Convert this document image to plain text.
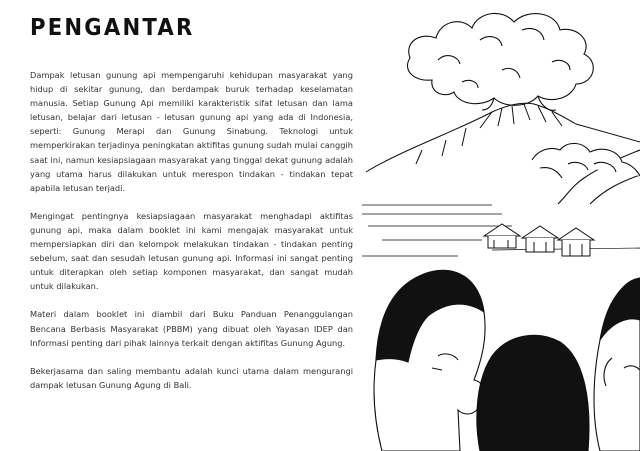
PENGANTAR

Dampak letusan gunung api mempengaruhi kehidupan masyarakat yang hidup di sekitar gunung, dan berdampak buruk terhadap keselamatan manusia. Setiap Gunung Api memiliki karakteristik sifat letusan dan lama letusan, belajar dari letusan - letusan gunung api yang ada di Indonesia, seperti: Gunung Merapi dan Gunung Sinabung. Teknologi untuk memperkirakan terjadinya peningkatan aktifitas gunung sudah mulai canggih saat ini, namun kesiapsiagaan masyarakat yang tinggal dekat gunung adalah yang utama harus dilakukan untuk merespon tindakan - tindakan tepat apabila letusan terjadi.

Mengingat pentingnya kesiapsiagaan masyarakat menghadapi aktifitas gunung api, maka dalam booklet ini kami mengajak masyarakat untuk mempersiapkan diri dan kelompok melakukan tindakan - tindakan penting sebelum, saat dan sesudah letusan gunung api. Informasi ini sangat penting untuk diterapkan oleh setiap komponen masyarakat, dan sangat mudah untuk dilakukan.

Materi dalam booklet ini diambil dari Buku Panduan Penanggulangan Bencana Berbasis Masyarakat (PBBM) yang dibuat oleh Yayasan IDEP dan Informasi penting dari pihak lainnya terkait dengan aktifitas Gunung Agung.

Bekerjasama dan saling membantu adalah kunci utama dalam mengurangi dampak letusan Gunung Agung di Bali.
